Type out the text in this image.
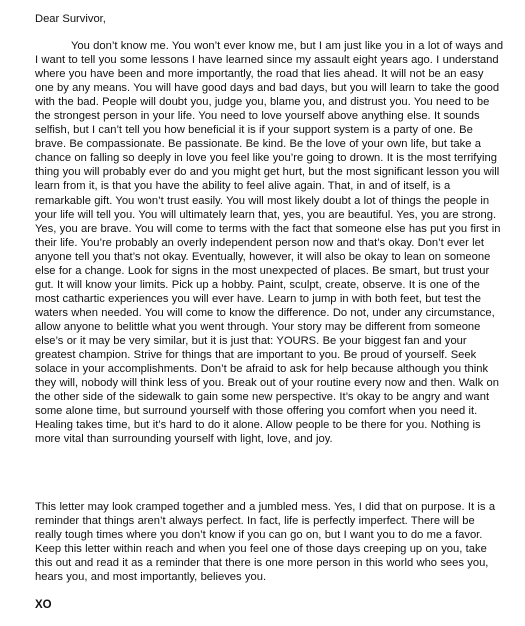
Dear Survivor,

You don’t know me. You won’t ever know me, but I am just like you in a lot of ways and I want to tell you some lessons I have learned since my assault eight years ago. I understand where you have been and more importantly, the road that lies ahead. It will not be an easy one by any means. You will have good days and bad days, but you will learn to take the good with the bad. People will doubt you, judge you, blame you, and distrust you. You need to be the strongest person in your life. You need to love yourself above anything else. It sounds selfish, but I can’t tell you how beneficial it is if your support system is a party of one. Be brave. Be compassionate. Be passionate. Be kind. Be the love of your own life, but take a chance on falling so deeply in love you feel like you’re going to drown. It is the most terrifying thing you will probably ever do and you might get hurt, but the most significant lesson you will learn from it, is that you have the ability to feel alive again. That, in and of itself, is a remarkable gift. You won’t trust easily. You will most likely doubt a lot of things the people in your life will tell you. You will ultimately learn that, yes, you are beautiful. Yes, you are strong. Yes, you are brave. You will come to terms with the fact that someone else has put you first in their life. You’re probably an overly independent person now and that’s okay. Don’t ever let anyone tell you that’s not okay. Eventually, however, it will also be okay to lean on someone else for a change. Look for signs in the most unexpected of places. Be smart, but trust your gut. It will know your limits. Pick up a hobby. Paint, sculpt, create, observe. It is one of the most cathartic experiences you will ever have. Learn to jump in with both feet, but test the waters when needed. You will come to know the difference. Do not, under any circumstance, allow anyone to belittle what you went through. Your story may be different from someone else’s or it may be very similar, but it is just that: YOURS. Be your biggest fan and your greatest champion. Strive for things that are important to you. Be proud of yourself. Seek solace in your accomplishments. Don’t be afraid to ask for help because although you think they will, nobody will think less of you. Break out of your routine every now and then. Walk on the other side of the sidewalk to gain some new perspective. It’s okay to be angry and want some alone time, but surround yourself with those offering you comfort when you need it. Healing takes time, but it’s hard to do it alone. Allow people to be there for you. Nothing is more vital than surrounding yourself with light, love, and joy.

This letter may look cramped together and a jumbled mess. Yes, I did that on purpose. It is a reminder that things aren’t always perfect. In fact, life is perfectly imperfect. There will be really tough times where you don’t know if you can go on, but I want you to do me a favor. Keep this letter within reach and when you feel one of those days creeping up on you, take this out and read it as a reminder that there is one more person in this world who sees you, hears you, and most importantly, believes you.

XO
